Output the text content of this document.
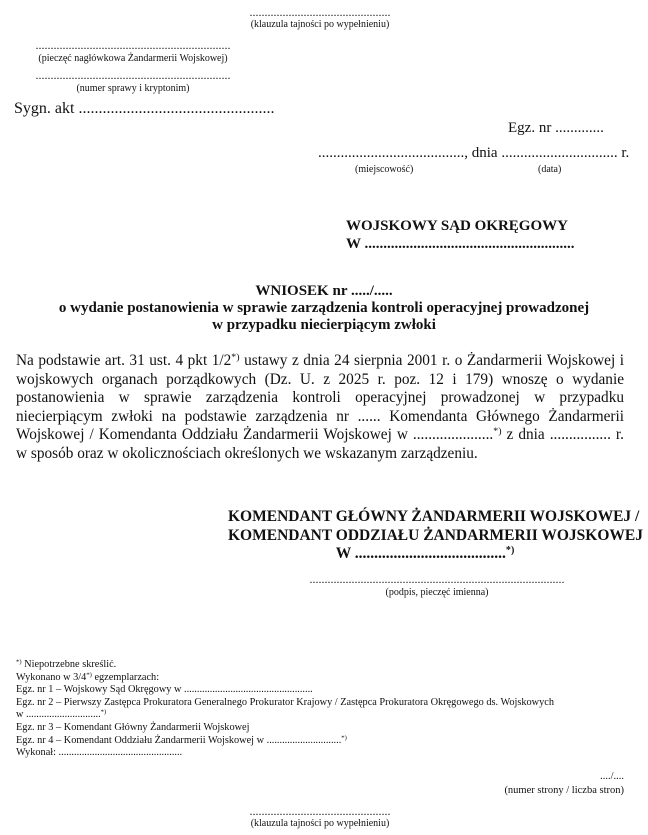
...............................................
(klauzula tajności po wypełnieniu)
.................................................................
(pieczęć nagłówkowa Żandarmerii Wojskowej)
.................................................................
(numer sprawy i kryptonim)
Sygn. akt .................................................
Egz. nr .............
......................................., dnia ............................... r.
(miejscowość)	(data)
WOJSKOWY SĄD OKRĘGOWY
W ........................................................
WNIOSEK nr ...../.....
o wydanie postanowienia w sprawie zarządzenia kontroli operacyjnej prowadzonej
w przypadku niecierpiącym zwłoki
Na podstawie art. 31 ust. 4 pkt 1/2*) ustawy z dnia 24 sierpnia 2001 r. o Żandarmerii Wojskowej i wojskowych organach porządkowych (Dz. U. z 2025 r. poz. 12 i 179) wnoszę o wydanie postanowienia w sprawie zarządzenia kontroli operacyjnej prowadzonej w przypadku niecierpiącym zwłoki na podstawie zarządzenia nr ...... Komendanta Głównego Żandarmerii Wojskowej / Komendanta Oddziału Żandarmerii Wojskowej w .....................*) z dnia ................ r. w sposób oraz w okolicznościach określonych we wskazanym zarządzeniu.
KOMENDANT GŁÓWNY ŻANDARMERII WOJSKOWEJ /
KOMENDANT ODDZIAŁU ŻANDARMERII WOJSKOWEJ
W .......................................*)
.....................................................................................
(podpis, pieczęć imienna)
*) Niepotrzebne skreślić.
Wykonano w 3/4*) egzemplarzach:
Egz. nr 1 – Wojskowy Sąd Okręgowy w ..................................................
Egz. nr 2 – Pierwszy Zastępca Prokuratora Generalnego Prokurator Krajowy / Zastępca Prokuratora Okręgowego ds. Wojskowych
w .............................*)
Egz. nr 3 – Komendant Główny Żandarmerii Wojskowej
Egz. nr 4 – Komendant Oddziału Żandarmerii Wojskowej w .............................*)
Wykonał: ................................................
..../....
(numer strony / liczba stron)
...............................................
(klauzula tajności po wypełnieniu)
